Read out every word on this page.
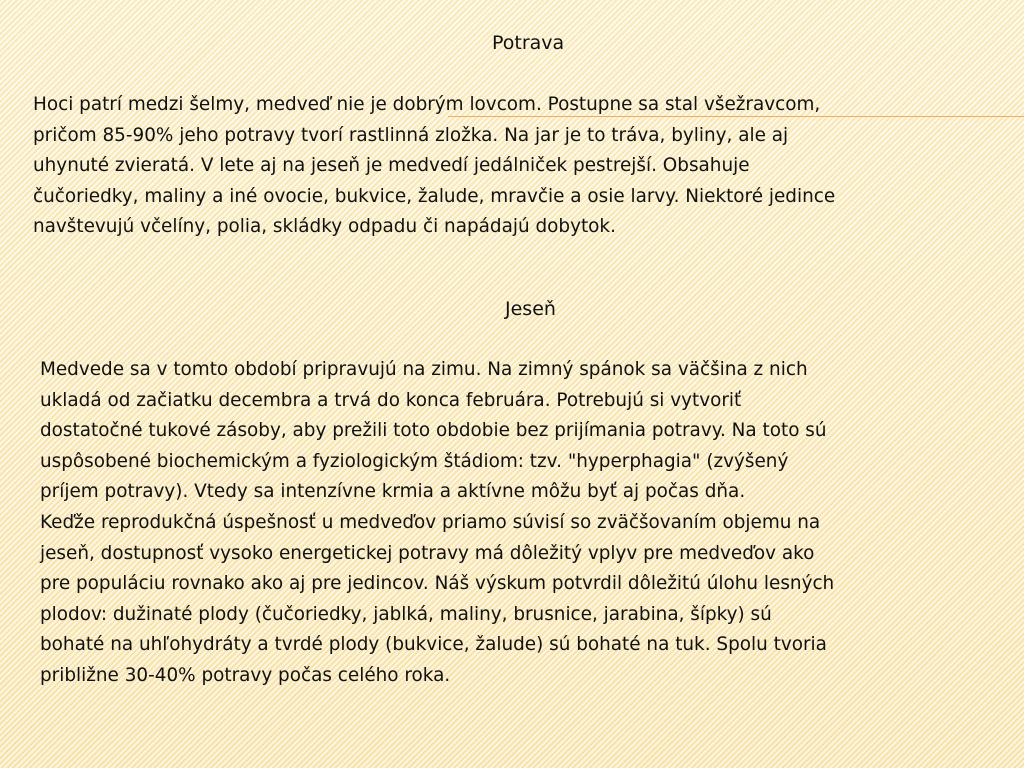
Potrava
Hoci patrí medzi šelmy, medveď nie je dobrým lovcom. Postupne sa stal všežravcom,
pričom 85-90% jeho potravy tvorí rastlinná zložka. Na jar je to tráva, byliny, ale aj
uhynuté zvieratá. V lete aj na jeseň je medvedí jedálniček pestrejší. Obsahuje
čučoriedky, maliny a iné ovocie, bukvice, žalude, mravčie a osie larvy. Niektoré jedince
navštevujú včelíny, polia, skládky odpadu či napádajú dobytok.
Jeseň
Medvede sa v tomto období pripravujú na zimu. Na zimný spánok sa väčšina z nich
ukladá od začiatku decembra a trvá do konca februára. Potrebujú si vytvoriť
dostatočné tukové zásoby, aby prežili toto obdobie bez prijímania potravy. Na toto sú
uspôsobené biochemickým a fyziologickým štádiom: tzv. "hyperphagia" (zvýšený
príjem potravy). Vtedy sa intenzívne krmia a aktívne môžu byť aj počas dňa.
Keďže reprodukčná úspešnosť u medveďov priamo súvisí so zväčšovaním objemu na
jeseň, dostupnosť vysoko energetickej potravy má dôležitý vplyv pre medveďov ako
pre populáciu rovnako ako aj pre jedincov. Náš výskum potvrdil dôležitú úlohu lesných
plodov: dužinaté plody (čučoriedky, jablká, maliny, brusnice, jarabina, šípky) sú
bohaté na uhľohydráty a tvrdé plody (bukvice, žalude) sú bohaté na tuk. Spolu tvoria
približne 30-40% potravy počas celého roka.
